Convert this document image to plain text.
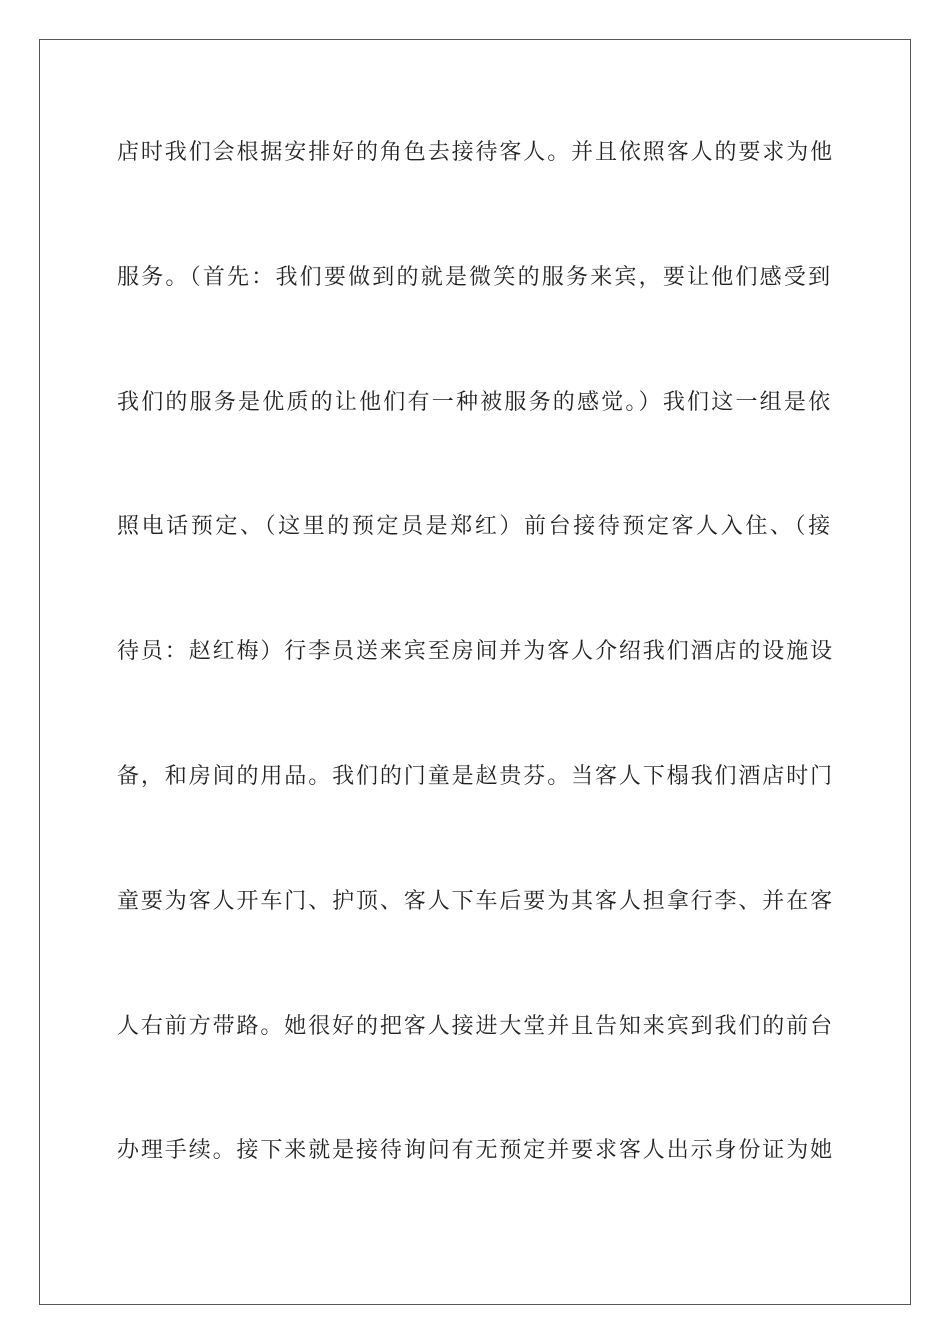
店时我们会根据安排好的角色去接待客人。并且依照客人的要求为他
服务。（首先：我们要做到的就是微笑的服务来宾，要让他们感受到
我们的服务是优质的让他们有一种被服务的感觉。）我们这一组是依
照电话预定、（这里的预定员是郑红）前台接待预定客人入住、（接
待员：赵红梅）行李员送来宾至房间并为客人介绍我们酒店的设施设
备，和房间的用品。我们的门童是赵贵芬。当客人下榻我们酒店时门
童要为客人开车门、护顶、客人下车后要为其客人担拿行李、并在客
人右前方带路。她很好的把客人接进大堂并且告知来宾到我们的前台
办理手续。接下来就是接待询问有无预定并要求客人出示身份证为她
